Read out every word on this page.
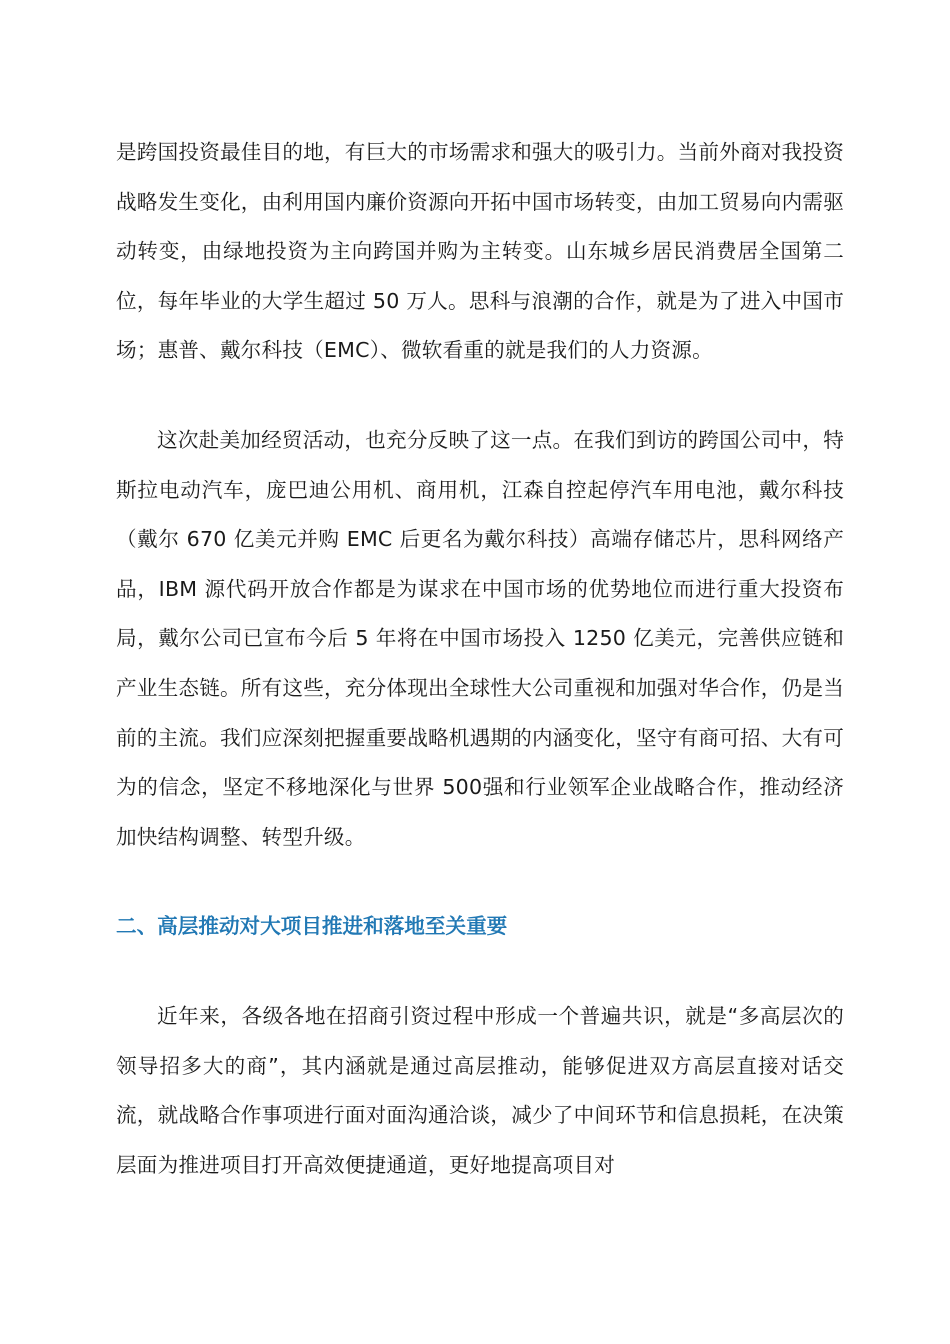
是跨国投资最佳目的地，有巨大的市场需求和强大的吸引力。当前外商对我投资战略发生变化，由利用国内廉价资源向开拓中国市场转变，由加工贸易向内需驱动转变，由绿地投资为主向跨国并购为主转变。山东城乡居民消费居全国第二位，每年毕业的大学生超过 50 万人。思科与浪潮的合作，就是为了进入中国市场；惠普、戴尔科技（EMC）、微软看重的就是我们的人力资源。

这次赴美加经贸活动，也充分反映了这一点。在我们到访的跨国公司中，特斯拉电动汽车，庞巴迪公用机、商用机，江森自控起停汽车用电池，戴尔科技（戴尔 670 亿美元并购 EMC 后更名为戴尔科技）高端存储芯片，思科网络产品，IBM 源代码开放合作都是为谋求在中国市场的优势地位而进行重大投资布局，戴尔公司已宣布今后 5 年将在中国市场投入 1250 亿美元，完善供应链和产业生态链。所有这些，充分体现出全球性大公司重视和加强对华合作，仍是当前的主流。我们应深刻把握重要战略机遇期的内涵变化，坚守有商可招、大有可为的信念，坚定不移地深化与世界 500强和行业领军企业战略合作，推动经济加快结构调整、转型升级。

二、高层推动对大项目推进和落地至关重要

近年来，各级各地在招商引资过程中形成一个普遍共识，就是“多高层次的领导招多大的商”，其内涵就是通过高层推动，能够促进双方高层直接对话交流，就战略合作事项进行面对面沟通洽谈，减少了中间环节和信息损耗，在决策层面为推进项目打开高效便捷通道，更好地提高项目对
